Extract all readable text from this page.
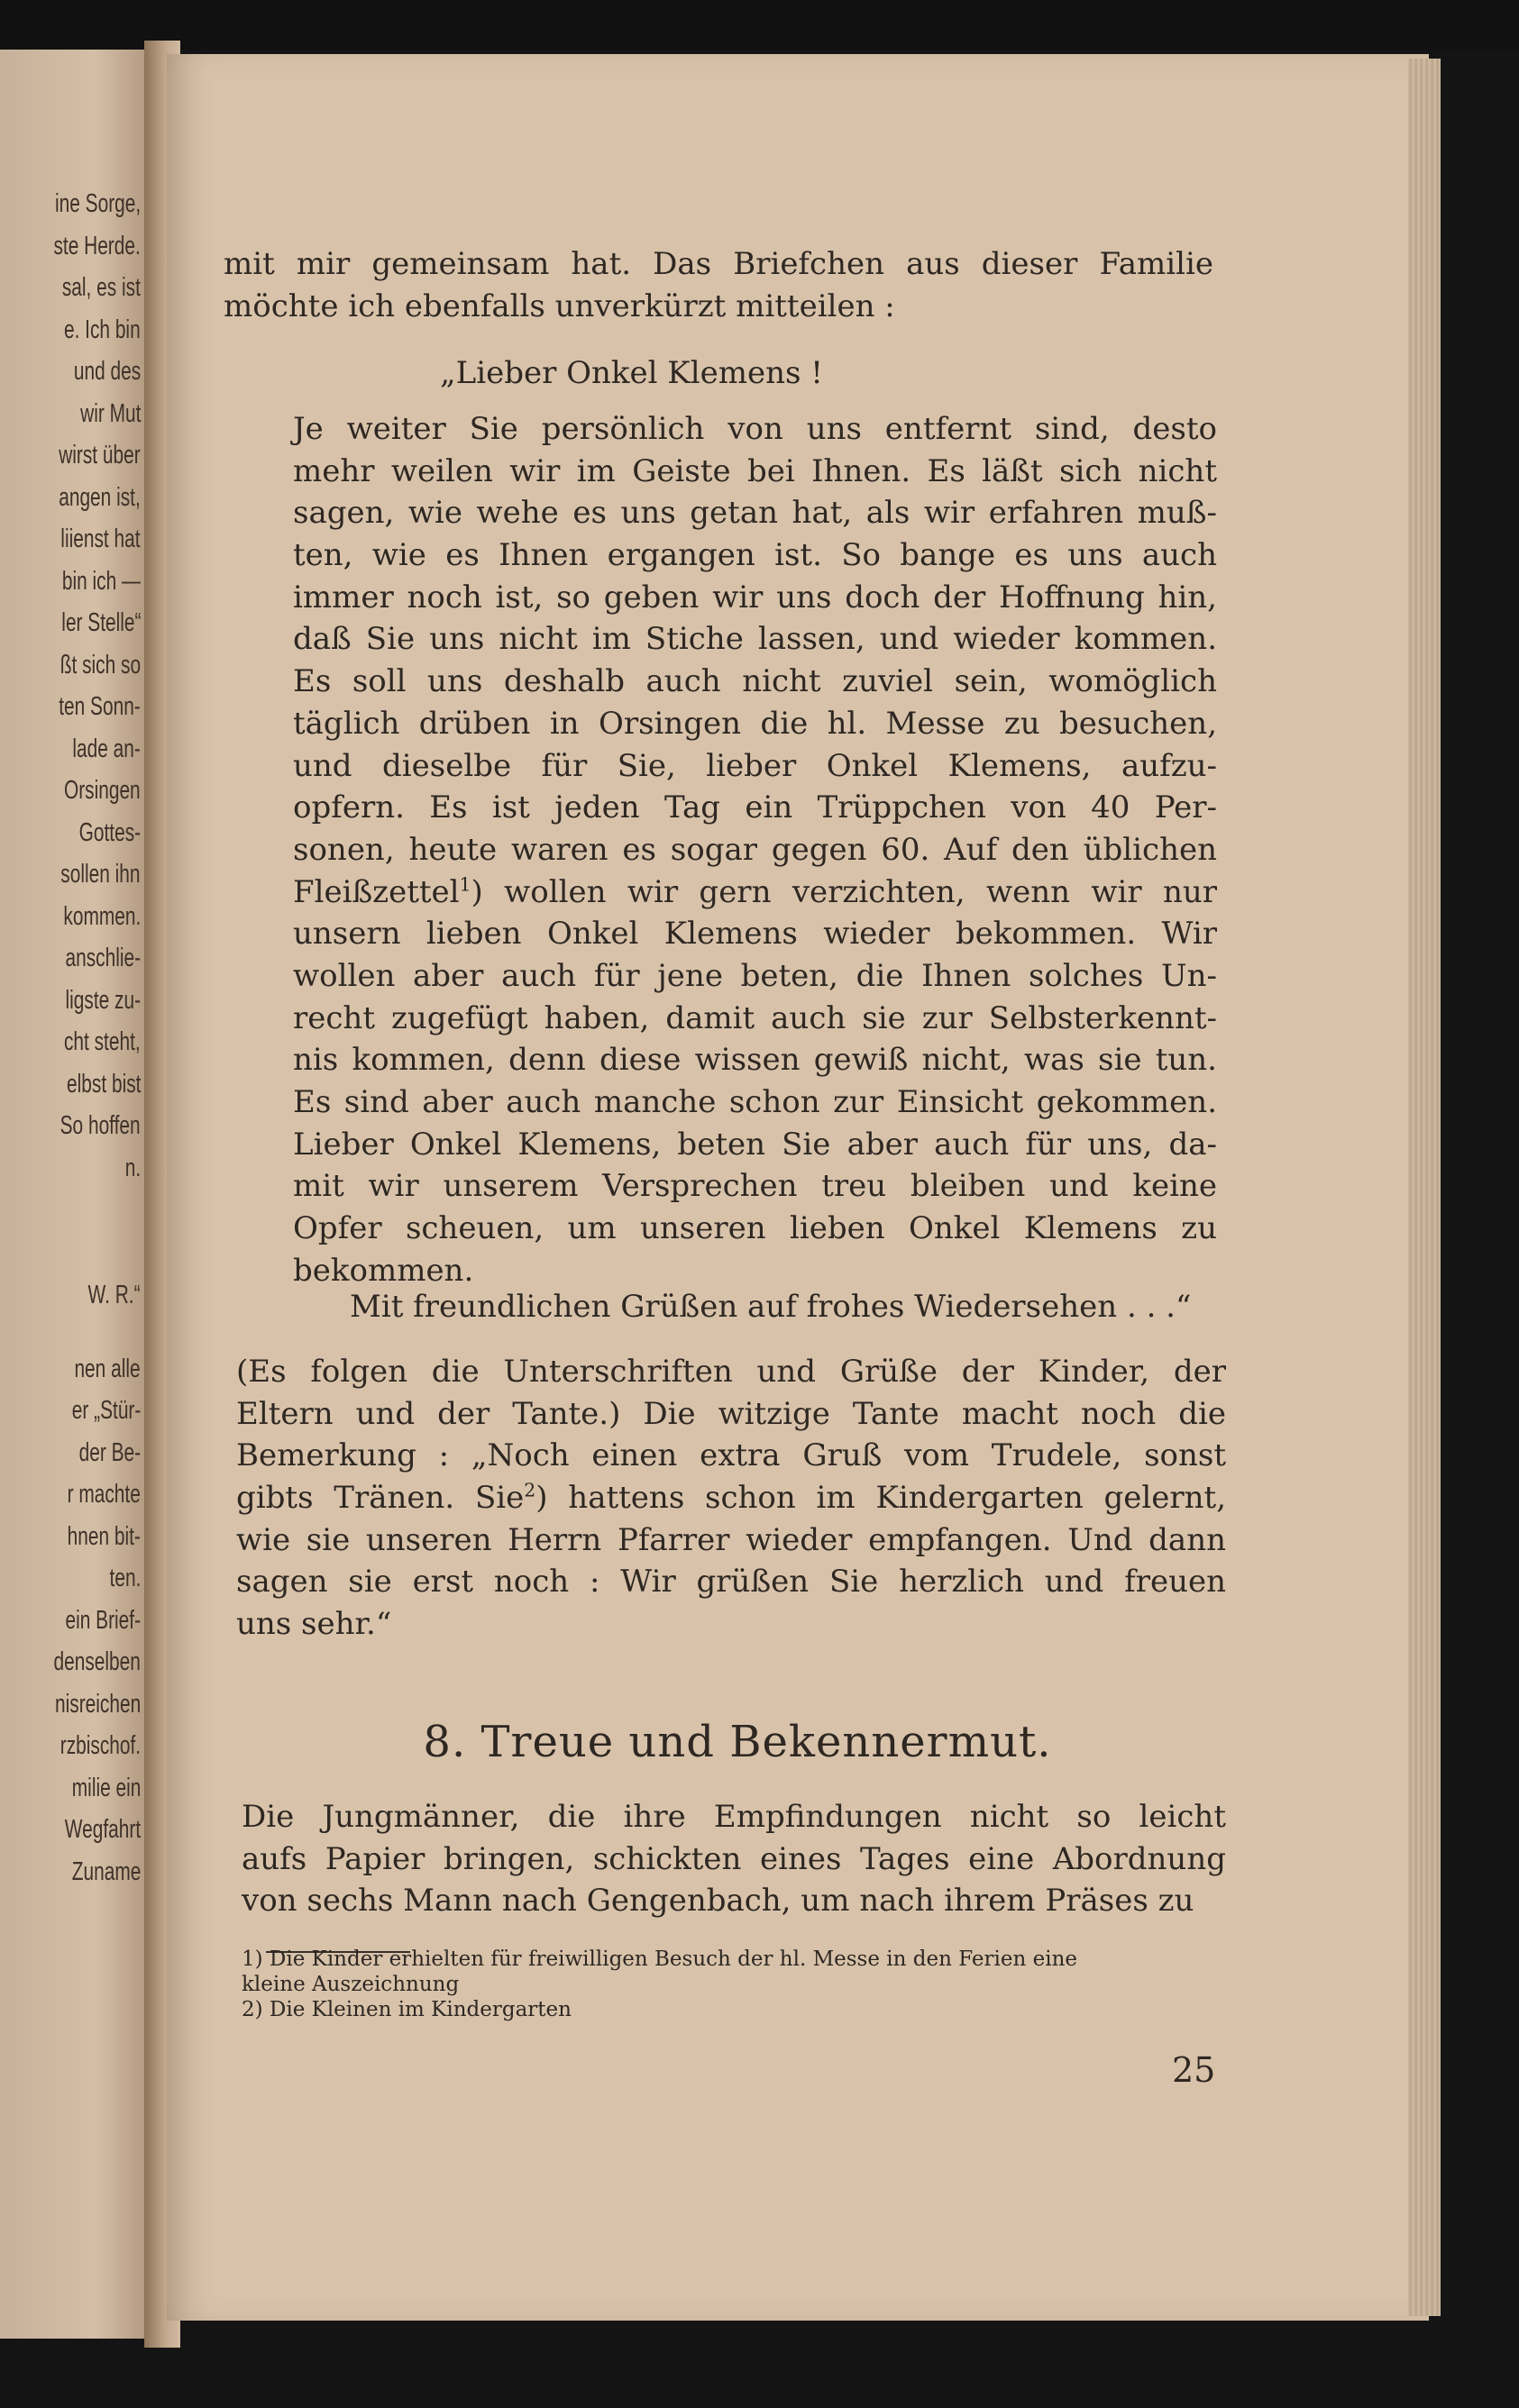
ine Sorge,
ste Herde.
sal, es ist
e. Ich bin
und des
wir Mut
wirst über
angen ist,
liienst hat
bin ich —
ler Stelle“
ßt sich so
ten Sonn-
lade an-
Orsingen
Gottes-
sollen ihn
kommen.
anschlie-
ligste zu-
cht steht,
elbst bist
So hoffen
n.
W. R.“
nen alle
er „Stür-
der Be-
r machte
hnen bit-
ten.
ein Brief-
denselben
nisreichen
rzbischof.
milie ein
Wegfahrt
Zuname
mit mir gemeinsam hat. Das Briefchen aus dieser Familie
möchte ich ebenfalls unverkürzt mitteilen :
„Lieber Onkel Klemens !
Je weiter Sie persönlich von uns entfernt sind, desto
mehr weilen wir im Geiste bei Ihnen. Es läßt sich nicht
sagen, wie wehe es uns getan hat, als wir erfahren muß-
ten, wie es Ihnen ergangen ist. So bange es uns auch
immer noch ist, so geben wir uns doch der Hoffnung hin,
daß Sie uns nicht im Stiche lassen, und wieder kommen.
Es soll uns deshalb auch nicht zuviel sein, womöglich
täglich drüben in Orsingen die hl. Messe zu besuchen,
und dieselbe für Sie, lieber Onkel Klemens, aufzu-
opfern. Es ist jeden Tag ein Trüppchen von 40 Per-
sonen, heute waren es sogar gegen 60. Auf den üblichen
Fleißzettel$^1$) wollen wir gern verzichten, wenn wir nur
unsern lieben Onkel Klemens wieder bekommen. Wir
wollen aber auch für jene beten, die Ihnen solches Un-
recht zugefügt haben, damit auch sie zur Selbsterkennt-
nis kommen, denn diese wissen gewiß nicht, was sie tun.
Es sind aber auch manche schon zur Einsicht gekommen.
Lieber Onkel Klemens, beten Sie aber auch für uns, da-
mit wir unserem Versprechen treu bleiben und keine
Opfer scheuen, um unseren lieben Onkel Klemens zu
bekommen.
Mit freundlichen Grüßen auf frohes Wiedersehen . . .“
(Es folgen die Unterschriften und Grüße der Kinder, der
Eltern und der Tante.) Die witzige Tante macht noch die
Bemerkung : „Noch einen extra Gruß vom Trudele, sonst
gibts Tränen. Sie$^2$) hattens schon im Kindergarten gelernt,
wie sie unseren Herrn Pfarrer wieder empfangen. Und dann
sagen sie erst noch : Wir grüßen Sie herzlich und freuen
uns sehr.“
8. Treue und Bekennermut.
Die Jungmänner, die ihre Empfindungen nicht so leicht
aufs Papier bringen, schickten eines Tages eine Abordnung
von sechs Mann nach Gengenbach, um nach ihrem Präses zu
1) Die Kinder erhielten für freiwilligen Besuch der hl. Messe in den Ferien eine
kleine Auszeichnung
2) Die Kleinen im Kindergarten
25
